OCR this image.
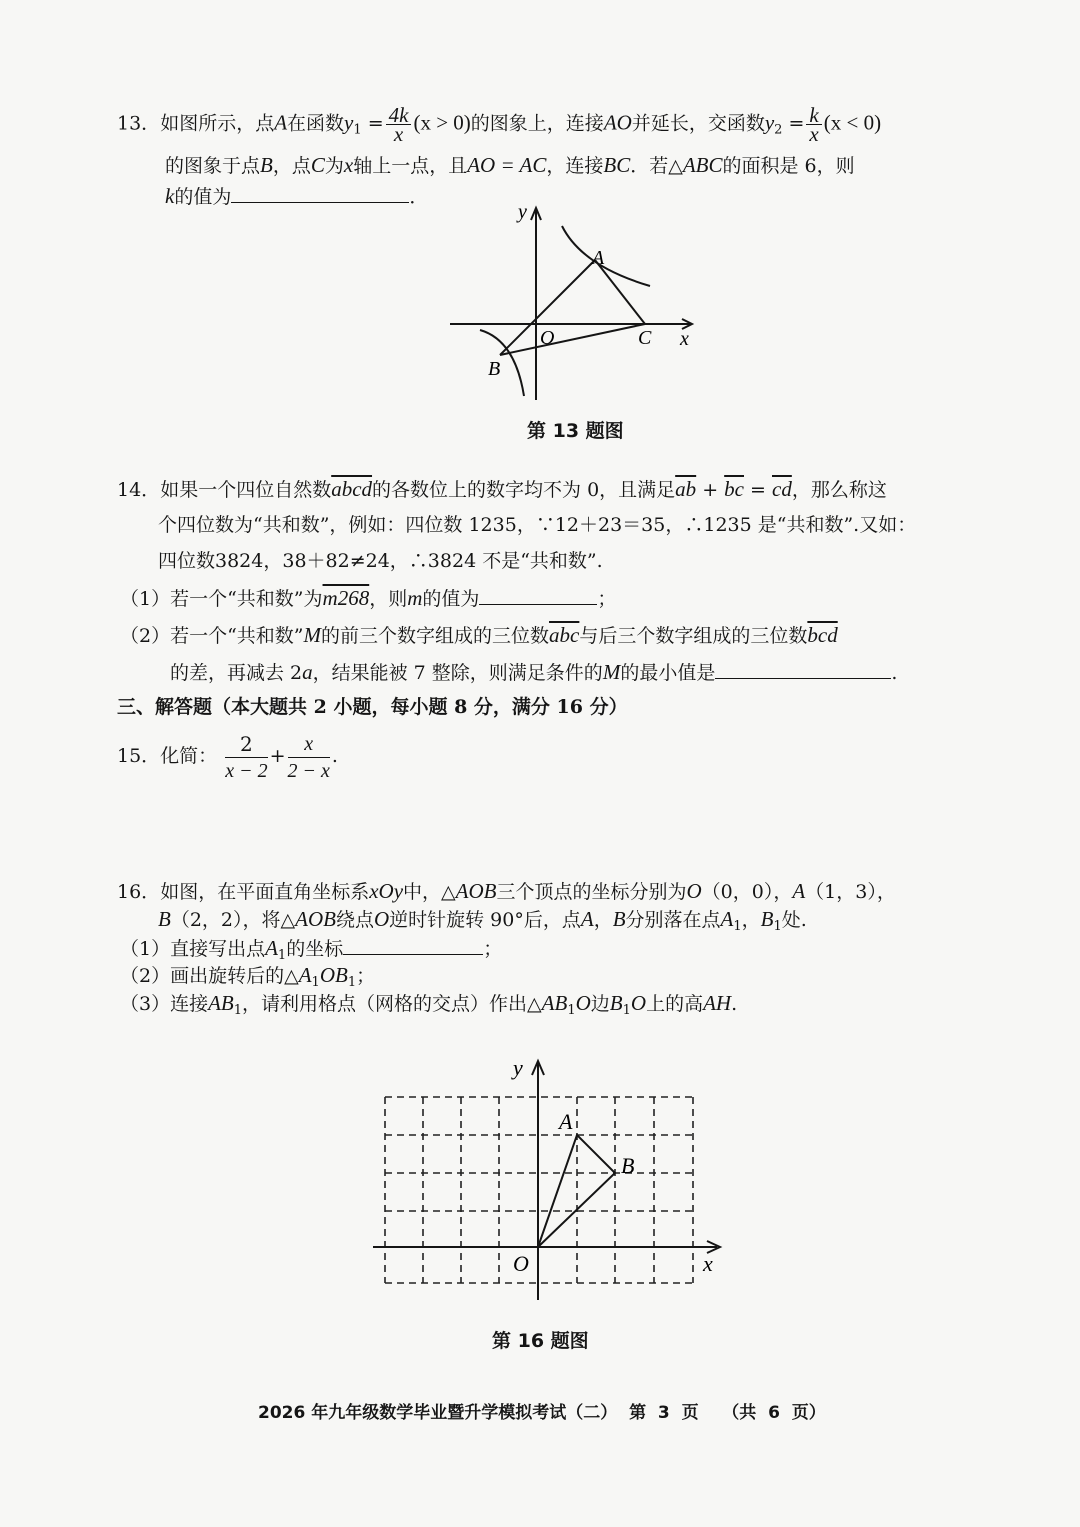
13．如图所示，点A在函数$y_1 = \frac{4k}{x} (x > 0)$的图象上，连接AO并延长，交函数$y_2 = \frac{k}{x} (x < 0)$
的图象于点B，点C为x轴上一点，且AO = AC，连接BC．若△ABC的面积是 6，则
k的值为	．
y
x
A
O
B
C
第 13 题图
14．如果一个四位自然数abcd的各数位上的数字均不为 0，且满足$\overline{ab} + \overline{bc} = \overline{cd}$，那么称这
个四位数为“共和数”，例如：四位数 1235，∵12＋23＝35，∴1235 是“共和数”.又如：
四位数3824，38＋82≠24，∴3824 不是“共和数”.
（1）若一个“共和数”为m268，则m的值为	；
（2）若一个“共和数”M的前三个数字组成的三位数$\overline{abc}$与后三个数字组成的三位数$\overline{bcd}$
的差，再减去 2a，结果能被 7 整除，则满足条件的M的最小值是	.
三、解答题（本大题共 2 小题，每小题 8 分，满分 16 分）
15．化简： $\frac{2}{x - 2} + \frac{x}{2 - x}$ .
16．如图，在平面直角坐标系xOy中，△AOB三个顶点的坐标分别为O（0，0），A（1，3），
B（2，2），将△AOB绕点O逆时针旋转 90°后，点A，B分别落在点$A_1$，$B_1$处.
（1）直接写出点$A_1$的坐标	；
（2）画出旋转后的$\triangle A_1OB_1$；
（3）连接$AB_1$，请利用格点（网格的交点）作出$\triangle AB_1O$边$B_1O$上的高AH.
y
x
A
B
O
第 16 题图
2026 年九年级数学毕业暨升学模拟考试（二）  第  3  页    （共  6  页）
